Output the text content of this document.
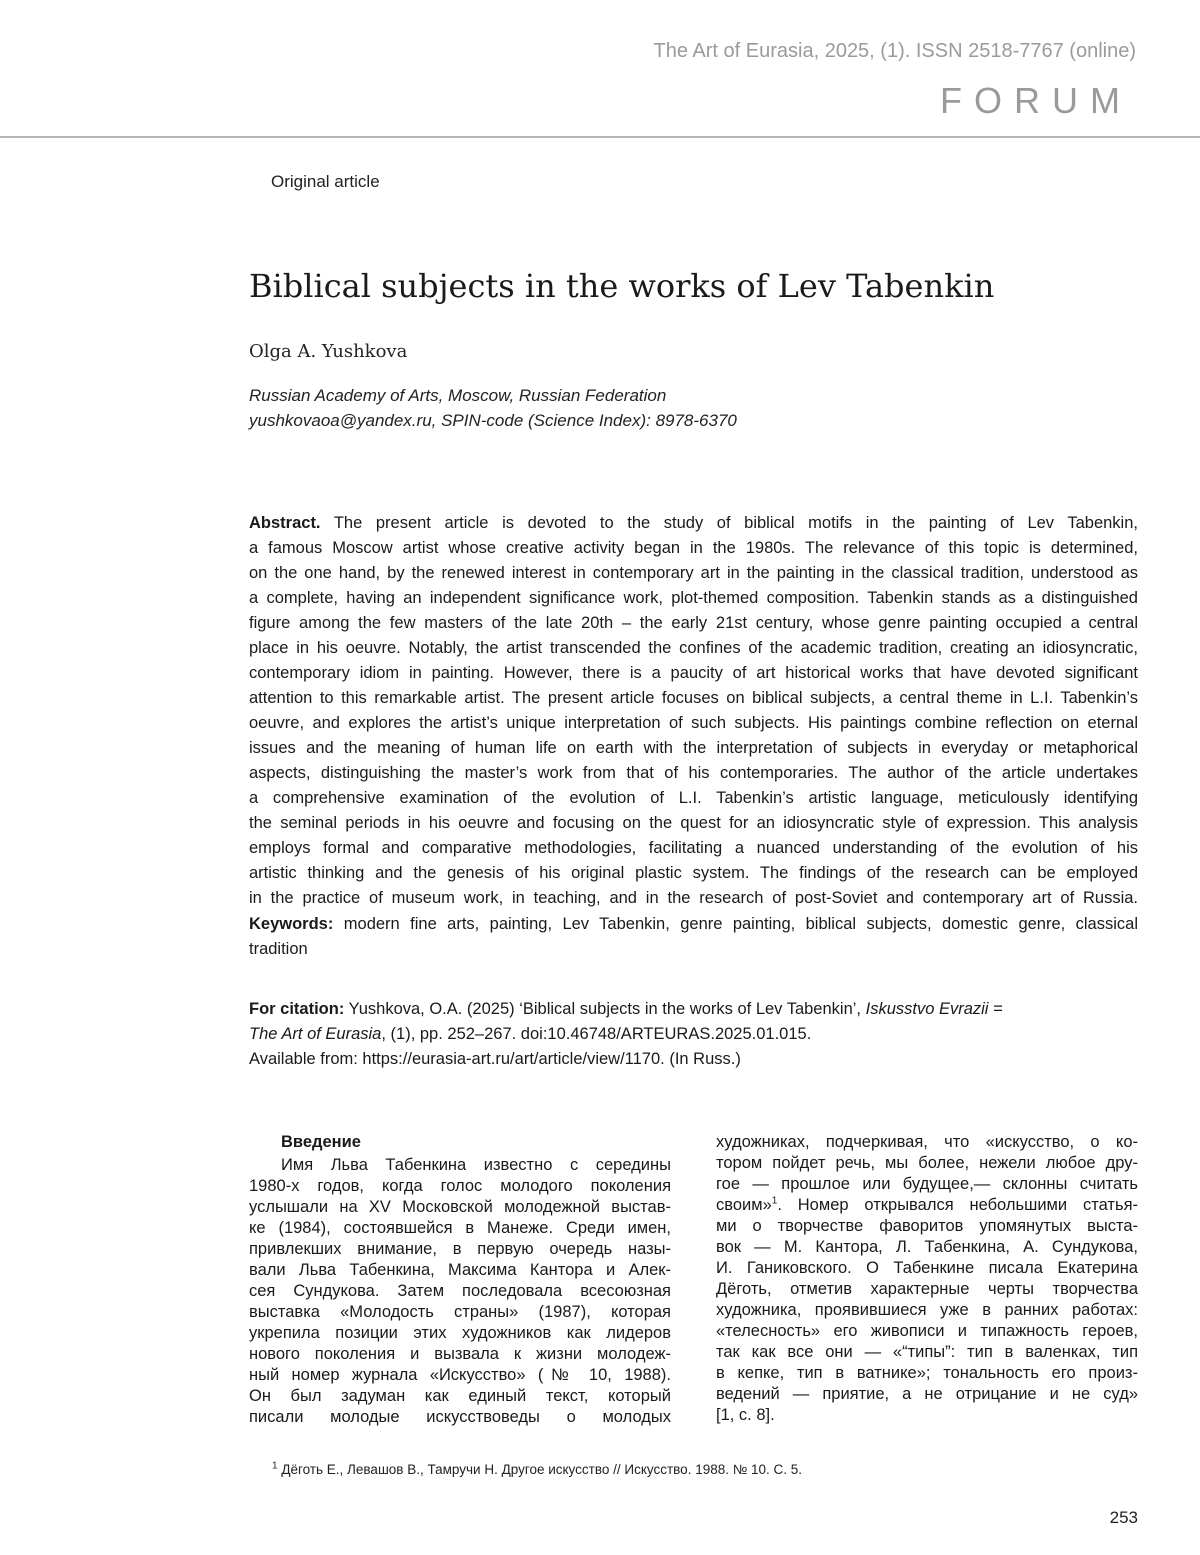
The Art of Eurasia, 2025, (1). ISSN 2518-7767 (online)
FORUM
Original article
Biblical subjects in the works of Lev Tabenkin
Olga A. Yushkova
Russian Academy of Arts, Moscow, Russian Federation
yushkovaoa@yandex.ru, SPIN-code (Science Index): 8978-6370
Abstract. The present article is devoted to the study of biblical motifs in the painting of Lev Tabenkin,
a famous Moscow artist whose creative activity began in the 1980s. The relevance of this topic is determined,
on the one hand, by the renewed interest in contemporary art in the painting in the classical tradition, understood as
a complete, having an independent significance work, plot-themed composition. Tabenkin stands as a distinguished
figure among the few masters of the late 20th – the early 21st century, whose genre painting occupied a central
place in his oeuvre. Notably, the artist transcended the confines of the academic tradition, creating an idiosyncratic,
contemporary idiom in painting. However, there is a paucity of art historical works that have devoted significant
attention to this remarkable artist. The present article focuses on biblical subjects, a central theme in L.I. Tabenkin’s
oeuvre, and explores the artist’s unique interpretation of such subjects. His paintings combine reflection on eternal
issues and the meaning of human life on earth with the interpretation of subjects in everyday or metaphorical
aspects, distinguishing the master’s work from that of his contemporaries. The author of the article undertakes
a comprehensive examination of the evolution of L.I. Tabenkin’s artistic language, meticulously identifying
the seminal periods in his oeuvre and focusing on the quest for an idiosyncratic style of expression. This analysis
employs formal and comparative methodologies, facilitating a nuanced understanding of the evolution of his
artistic thinking and the genesis of his original plastic system. The findings of the research can be employed
in the practice of museum work, in teaching, and in the research of post-Soviet and contemporary art of Russia.
Keywords: modern fine arts, painting, Lev Tabenkin, genre painting, biblical subjects, domestic genre, classical
tradition
For citation: Yushkova, O.A. (2025) ‘Biblical subjects in the works of Lev Tabenkin’, Iskusstvo Evrazii =
The Art of Eurasia, (1), pp. 252–267. doi:10.46748/ARTEURAS.2025.01.015.
Available from: https://eurasia-art.ru/art/article/view/1170. (In Russ.)
Введение
Имя Льва Табенкина известно с середины
1980-х годов, когда голос молодого поколения
услышали на XV Московской молодежной выстав-
ке (1984), состоявшейся в Манеже. Среди имен,
привлекших внимание, в первую очередь назы-
вали Льва Табенкина, Максима Кантора и Алек-
сея Сундукова. Затем последовала всесоюзная
выставка «Молодость страны» (1987), которая
укрепила позиции этих художников как лидеров
нового поколения и вызвала к жизни молодеж-
ный номер журнала «Искусство» (№ 10, 1988).
Он был задуман как единый текст, который
писали молодые искусствоведы о молодых
художниках, подчеркивая, что «искусство, о ко-
тором пойдет речь, мы более, нежели любое дру-
гое — прошлое или будущее,— склонны считать
своим»$^1$. Номер открывался небольшими статья-
ми о творчестве фаворитов упомянутых выста-
вок — М. Кантора, Л. Табенкина, А. Сундукова,
И. Ганиковского. О Табенкине писала Екатерина
Дёготь, отметив характерные черты творчества
художника, проявившиеся уже в ранних работах:
«телесность» его живописи и типажность героев,
так как все они — «“типы”: тип в валенках, тип
в кепке, тип в ватнике»; тональность его произ-
ведений — приятие, а не отрицание и не суд»
[1, с. 8].
$^1$ Дёготь Е., Левашов В., Тамручи Н. Другое искусство // Искусство. 1988. № 10. С. 5.
253
